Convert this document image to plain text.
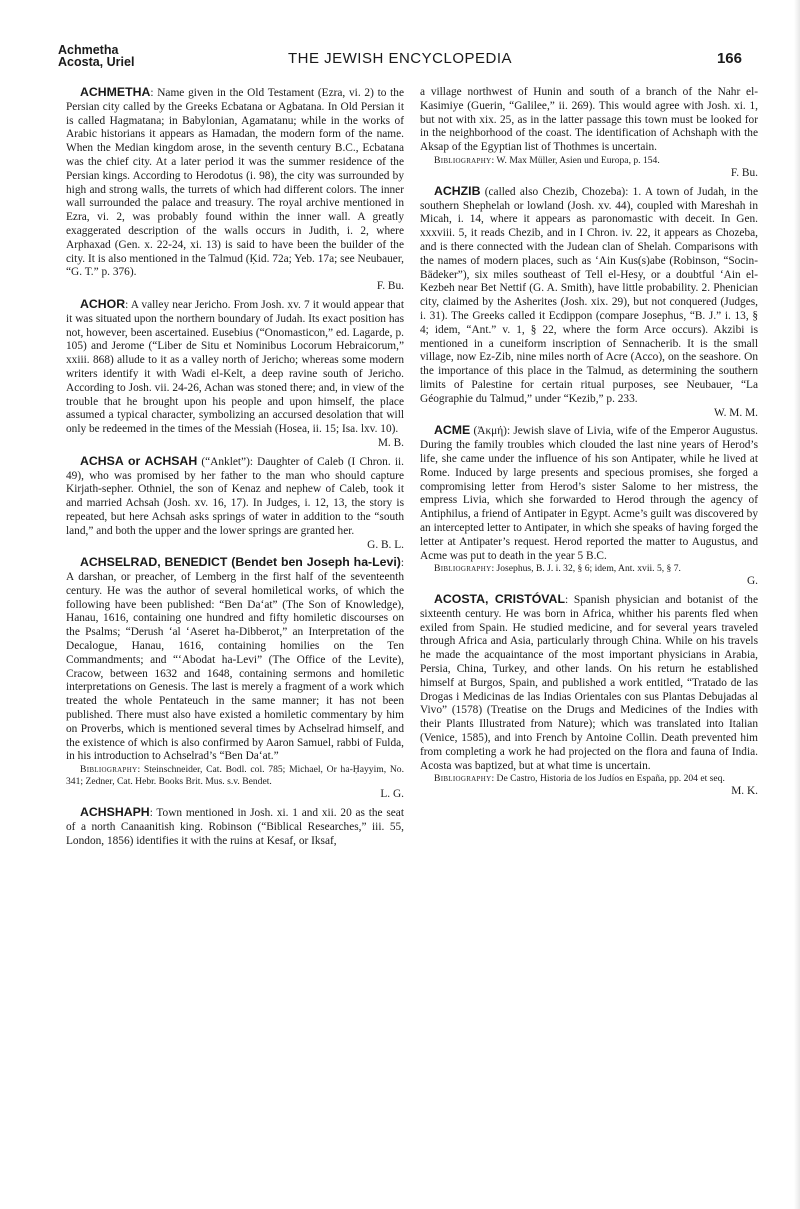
Achmetha
Acosta, Uriel	THE JEWISH ENCYCLOPEDIA	166

ACHMETHA: Name given in the Old Testament (Ezra, vi. 2) to the Persian city called by the Greeks Ecbatana or Agbatana. In Old Persian it is called Hagmatana; in Babylonian, Agamatanu; while in the works of Arabic historians it appears as Hamadan, the modern form of the name. When the Median kingdom arose, in the seventh century B.C., Ecbatana was the chief city. At a later period it was the summer residence of the Persian kings. According to Herodotus (i. 98), the city was surrounded by high and strong walls, the turrets of which had different colors. The inner wall surrounded the palace and treasury. The royal archive mentioned in Ezra, vi. 2, was probably found within the inner wall. A greatly exaggerated description of the walls occurs in Judith, i. 2, where Arphaxad (Gen. x. 22-24, xi. 13) is said to have been the builder of the city. It is also mentioned in the Talmud (Ḳid. 72a; Yeb. 17a; see Neubauer, “G. T.” p. 376).

F. Bu.

ACHOR: A valley near Jericho. From Josh. xv. 7 it would appear that it was situated upon the northern boundary of Judah. Its exact position has not, however, been ascertained. Eusebius (“Onomasticon,” ed. Lagarde, p. 105) and Jerome (“Liber de Situ et Nominibus Locorum Hebraicorum,” xxiii. 868) allude to it as a valley north of Jericho; whereas some modern writers identify it with Wadi el-Kelt, a deep ravine south of Jericho. According to Josh. vii. 24-26, Achan was stoned there; and, in view of the trouble that he brought upon his people and upon himself, the place assumed a typical character, symbolizing an accursed desolation that will only be redeemed in the times of the Messiah (Hosea, ii. 15; Isa. lxv. 10).

M. B.

ACHSA or ACHSAH (“Anklet”): Daughter of Caleb (I Chron. ii. 49), who was promised by her father to the man who should capture Kirjath-sepher. Othniel, the son of Kenaz and nephew of Caleb, took it and married Achsah (Josh. xv. 16, 17). In Judges, i. 12, 13, the story is repeated, but here Achsah asks springs of water in addition to the “south land,” and both the upper and the lower springs are granted her.

G. B. L.

ACHSELRAD, BENEDICT (Bendet ben Joseph ha-Levi): A darshan, or preacher, of Lemberg in the first half of the seventeenth century. He was the author of several homiletical works, of which the following have been published: “Ben Da‘at” (The Son of Knowledge), Hanau, 1616, containing one hundred and fifty homiletic discourses on the Psalms; “Derush ‘al ‘Aseret ha-Dibberot,” an Interpretation of the Decalogue, Hanau, 1616, containing homilies on the Ten Commandments; and “‘Abodat ha-Levi” (The Office of the Levite), Cracow, between 1632 and 1648, containing sermons and homiletic interpretations on Genesis. The last is merely a fragment of a work which treated the whole Pentateuch in the same manner; it has not been published. There must also have existed a homiletic commentary by him on Proverbs, which is mentioned several times by Achselrad himself, and the existence of which is also confirmed by Aaron Samuel, rabbi of Fulda, in his introduction to Achselrad’s “Ben Da‘at.”

Bibliography: Steinschneider, Cat. Bodl. col. 785; Michael, Or ha-Ḥayyim, No. 341; Zedner, Cat. Hebr. Books Brit. Mus. s.v. Bendet.

L. G.

ACHSHAPH: Town mentioned in Josh. xi. 1 and xii. 20 as the seat of a north Canaanitish king. Robinson (“Biblical Researches,” iii. 55, London, 1856) identifies it with the ruins at Kesaf, or Iksaf,

a village northwest of Hunin and south of a branch of the Nahr el-Kasimiye (Guerin, “Galilee,” ii. 269). This would agree with Josh. xi. 1, but not with xix. 25, as in the latter passage this town must be looked for in the neighborhood of the coast. The identification of Achshaph with the Aksap of the Egyptian list of Thothmes is uncertain.

Bibliography: W. Max Müller, Asien und Europa, p. 154.

F. Bu.

ACHZIB (called also Chezib, Chozeba): 1. A town of Judah, in the southern Shephelah or lowland (Josh. xv. 44), coupled with Mareshah in Micah, i. 14, where it appears as paronomastic with deceit. In Gen. xxxviii. 5, it reads Chezib, and in I Chron. iv. 22, it appears as Chozeba, and is there connected with the Judean clan of Shelah. Comparisons with the names of modern places, such as ‘Ain Kus(s)abe (Robinson, “Socin-Bädeker”), six miles southeast of Tell el-Hesy, or a doubtful ‘Ain el-Kezbeh near Bet Nettif (G. A. Smith), have little probability. 2. Phenician city, claimed by the Asherites (Josh. xix. 29), but not conquered (Judges, i. 31). The Greeks called it Ecdippon (compare Josephus, “B. J.” i. 13, § 4; idem, “Ant.” v. 1, § 22, where the form Arce occurs). Akzibi is mentioned in a cuneiform inscription of Sennacherib. It is the small village, now Ez-Zib, nine miles north of Acre (Acco), on the seashore. On the importance of this place in the Talmud, as determining the southern limits of Palestine for certain ritual purposes, see Neubauer, “La Géographie du Talmud,” under “Kezib,” p. 233.

W. M. M.

ACME (Ἀκμή): Jewish slave of Livia, wife of the Emperor Augustus. During the family troubles which clouded the last nine years of Herod’s life, she came under the influence of his son Antipater, while he lived at Rome. Induced by large presents and specious promises, she forged a compromising letter from Herod’s sister Salome to her mistress, the empress Livia, which she forwarded to Herod through the agency of Antiphilus, a friend of Antipater in Egypt. Acme’s guilt was discovered by an intercepted letter to Antipater, in which she speaks of having forged the letter at Antipater’s request. Herod reported the matter to Augustus, and Acme was put to death in the year 5 B.C.

Bibliography: Josephus, B. J. i. 32, § 6; idem, Ant. xvii. 5, § 7.

G.

ACOSTA, CRISTÓVAL: Spanish physician and botanist of the sixteenth century. He was born in Africa, whither his parents fled when exiled from Spain. He studied medicine, and for several years traveled through Africa and Asia, particularly through China. While on his travels he made the acquaintance of the most important physicians in Arabia, Persia, China, Turkey, and other lands. On his return he established himself at Burgos, Spain, and published a work entitled, “Tratado de las Drogas i Medicinas de las Indias Orientales con sus Plantas Debujadas al Vivo” (1578) (Treatise on the Drugs and Medicines of the Indies with their Plants Illustrated from Nature); which was translated into Italian (Venice, 1585), and into French by Antoine Collin. Death prevented him from completing a work he had projected on the flora and fauna of India. Acosta was baptized, but at what time is uncertain.

Bibliography: De Castro, Historia de los Judíos en España, pp. 204 et seq.

M. K.
